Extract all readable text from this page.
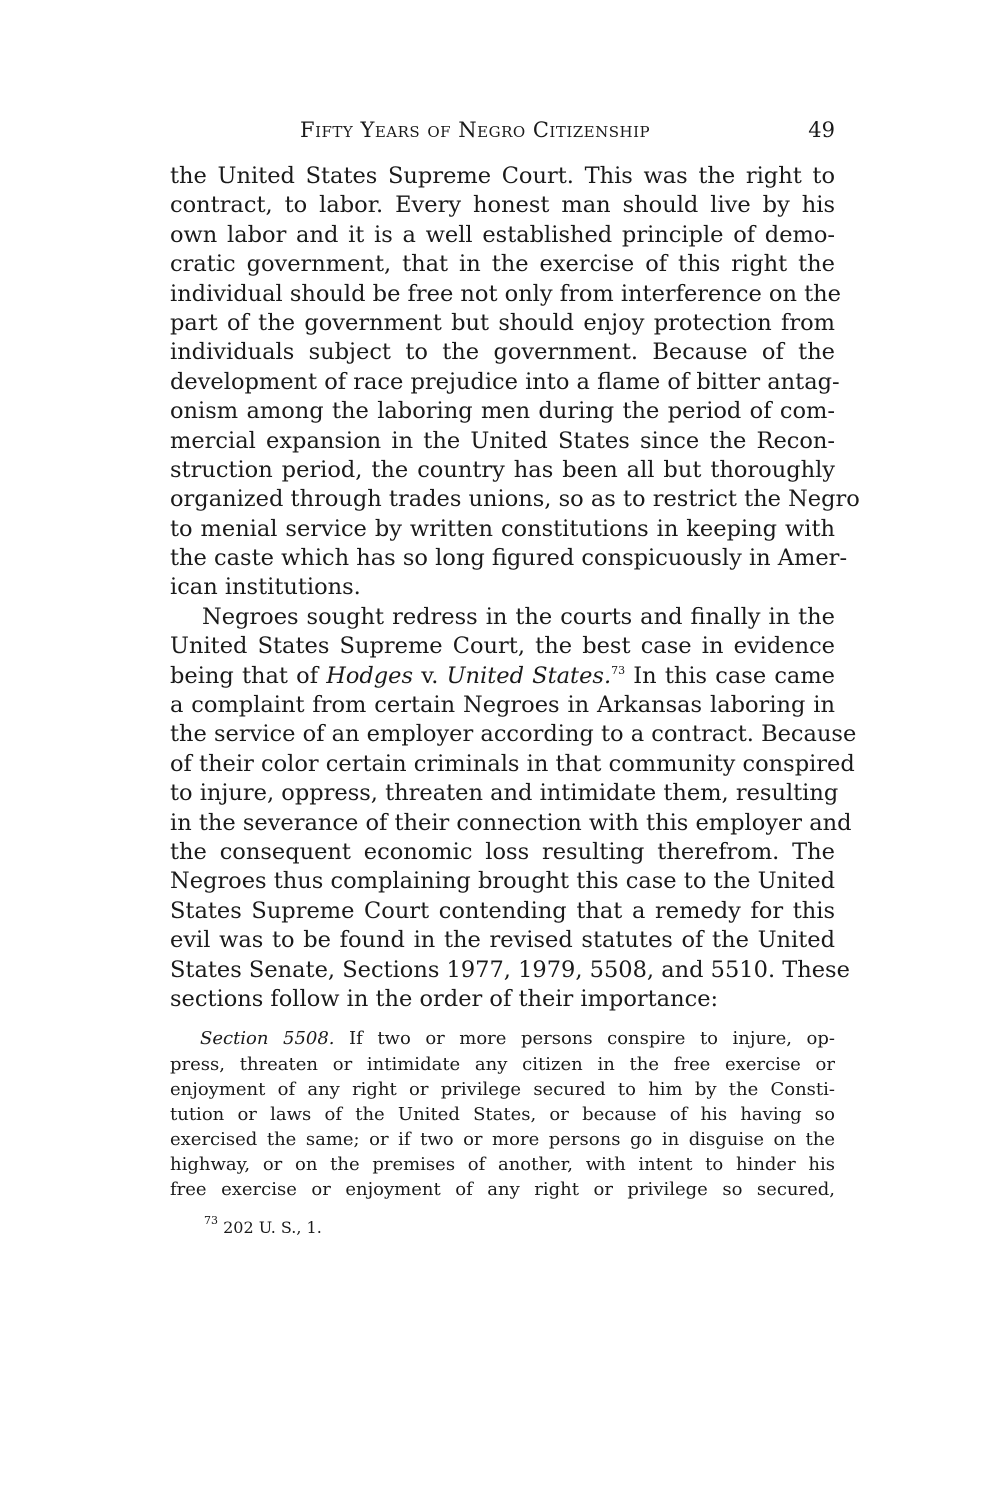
Fifty Years of Negro Citizenship	49
the United States Supreme Court. This was the right to
contract, to labor. Every honest man should live by his
own labor and it is a well established principle of demo-
cratic government, that in the exercise of this right the
individual should be free not only from interference on the
part of the government but should enjoy protection from
individuals subject to the government. Because of the
development of race prejudice into a flame of bitter antag-
onism among the laboring men during the period of com-
mercial expansion in the United States since the Recon-
struction period, the country has been all but thoroughly
organized through trades unions, so as to restrict the Negro
to menial service by written constitutions in keeping with
the caste which has so long figured conspicuously in Amer-
ican institutions.
Negroes sought redress in the courts and finally in the
United States Supreme Court, the best case in evidence
being that of Hodges v. United States.$^{73}$ In this case came
a complaint from certain Negroes in Arkansas laboring in
the service of an employer according to a contract. Because
of their color certain criminals in that community conspired
to injure, oppress, threaten and intimidate them, resulting
in the severance of their connection with this employer and
the consequent economic loss resulting therefrom. The
Negroes thus complaining brought this case to the United
States Supreme Court contending that a remedy for this
evil was to be found in the revised statutes of the United
States Senate, Sections 1977, 1979, 5508, and 5510. These
sections follow in the order of their importance:
Section 5508. If two or more persons conspire to injure, op-
press, threaten or intimidate any citizen in the free exercise or
enjoyment of any right or privilege secured to him by the Consti-
tution or laws of the United States, or because of his having so
exercised the same; or if two or more persons go in disguise on the
highway, or on the premises of another, with intent to hinder his
free exercise or enjoyment of any right or privilege so secured,
$^{73}$ 202 U. S., 1.
